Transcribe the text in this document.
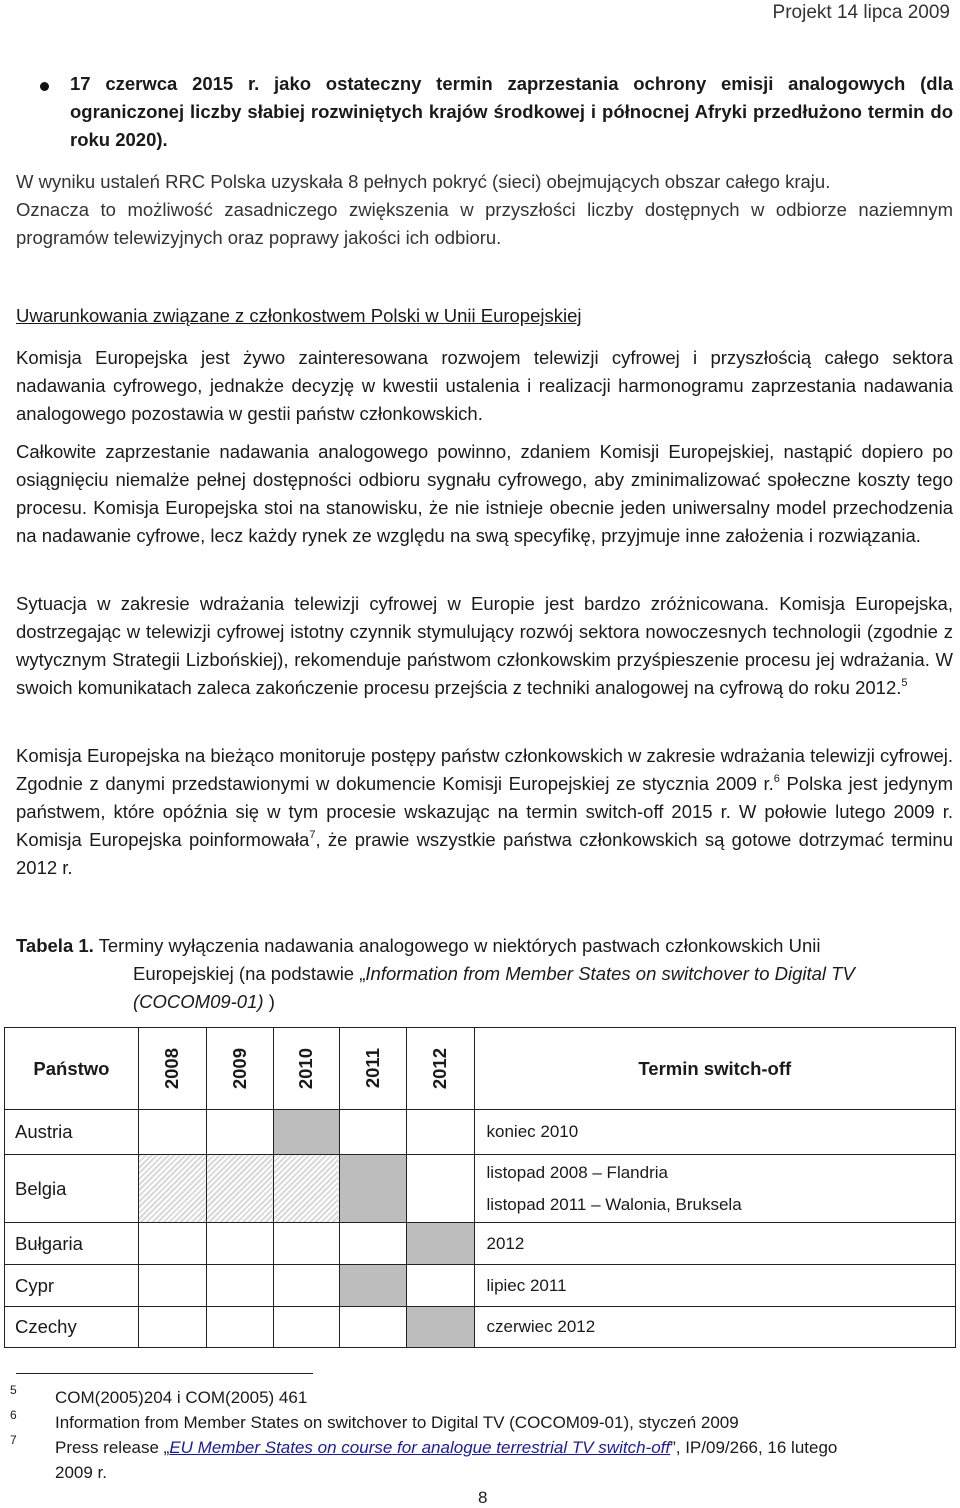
Projekt 14 lipca 2009
17 czerwca 2015 r. jako ostateczny termin zaprzestania ochrony emisji analogowych (dla ograniczonej liczby słabiej rozwiniętych krajów środkowej i północnej Afryki przedłużono termin do roku 2020).
W wyniku ustaleń RRC Polska uzyskała 8 pełnych pokryć (sieci) obejmujących obszar całego kraju.
Oznacza to możliwość zasadniczego zwiększenia w przyszłości liczby dostępnych w odbiorze naziemnym programów telewizyjnych oraz poprawy jakości ich odbioru.
Uwarunkowania związane z członkostwem Polski w Unii Europejskiej
Komisja Europejska jest żywo zainteresowana rozwojem telewizji cyfrowej i przyszłością całego sektora nadawania cyfrowego, jednakże decyzję w kwestii ustalenia i realizacji harmonogramu zaprzestania nadawania analogowego pozostawia w gestii państw członkowskich.
Całkowite zaprzestanie nadawania analogowego powinno, zdaniem Komisji Europejskiej, nastąpić dopiero po osiągnięciu niemalże pełnej dostępności odbioru sygnału cyfrowego, aby zminimalizować społeczne koszty tego procesu. Komisja Europejska stoi na stanowisku, że nie istnieje obecnie jeden uniwersalny model przechodzenia na nadawanie cyfrowe, lecz każdy rynek ze względu na swą specyfikę, przyjmuje inne założenia i rozwiązania.
Sytuacja w zakresie wdrażania telewizji cyfrowej w Europie jest bardzo zróżnicowana. Komisja Europejska, dostrzegając w telewizji cyfrowej istotny czynnik stymulujący rozwój sektora nowoczesnych technologii (zgodnie z wytycznym Strategii Lizbońskiej), rekomenduje państwom członkowskim przyśpieszenie procesu jej wdrażania. W swoich komunikatach zaleca zakończenie procesu przejścia z techniki analogowej na cyfrową do roku 2012.$^5$
Komisja Europejska na bieżąco monitoruje postępy państw członkowskich w zakresie wdrażania telewizji cyfrowej. Zgodnie z danymi przedstawionymi w dokumencie Komisji Europejskiej ze stycznia 2009 r.$^6$ Polska jest jedynym państwem, które opóźnia się w tym procesie wskazując na termin switch-off 2015 r. W połowie lutego 2009 r. Komisja Europejska poinformowała$^7$, że prawie wszystkie państwa członkowskich są gotowe dotrzymać terminu 2012 r.
Tabela 1. Terminy wyłączenia nadawania analogowego w niektórych pastwach członkowskich Unii
Europejskiej (na podstawie „Information from Member States on switchover to Digital TV (COCOM09-01) )
Państwo	2008	2009	2010	2011	2012	Termin switch-off
Austria						koniec 2010
Belgia						listopad 2008 – Flandria
listopad 2011 – Walonia, Bruksela

Bułgaria						2012
Cypr						lipiec 2011
Czechy						czerwiec 2012
5 COM(2005)204 i COM(2005) 461
6 Information from Member States on switchover to Digital TV (COCOM09-01), styczeń 2009
7 Press release „EU Member States on course for analogue terrestrial TV switch-off”, IP/09/266, 16 lutego
2009 r.
8
